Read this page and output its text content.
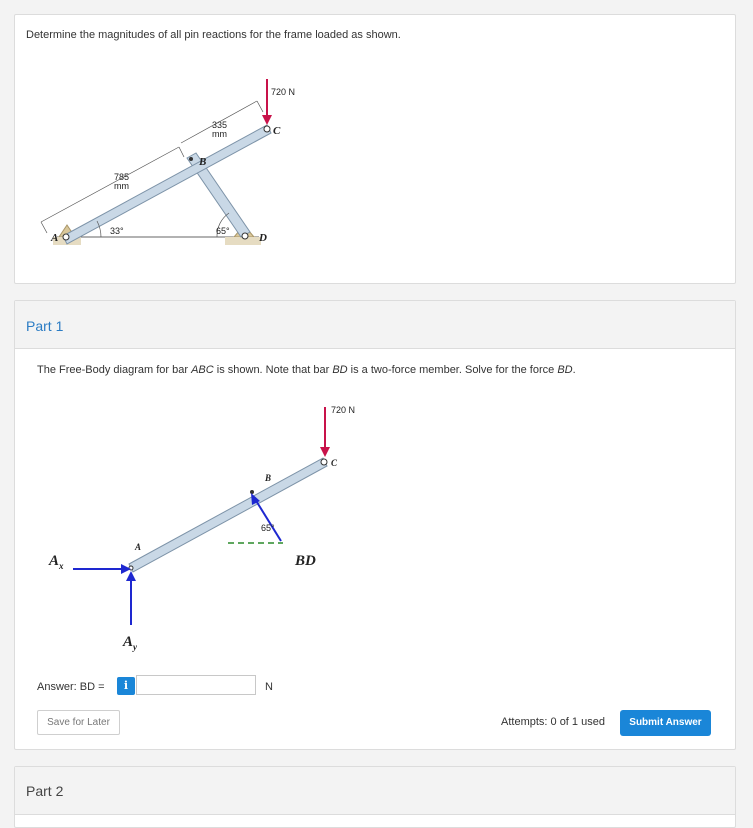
Determine the magnitudes of all pin reactions for the frame loaded as shown.
720 N
335
mm
785
mm
33°	65°
A
B
C
D
Part 1
The Free-Body diagram for bar ABC is shown. Note that bar BD is a two-force member. Solve for the force BD.
720 N
65°
BD
A
B
C
$A_x$
$A_y$
Answer: BD =	i	N
Save for Later	Attempts: 0 of 1 used	Submit Answer
Part 2
